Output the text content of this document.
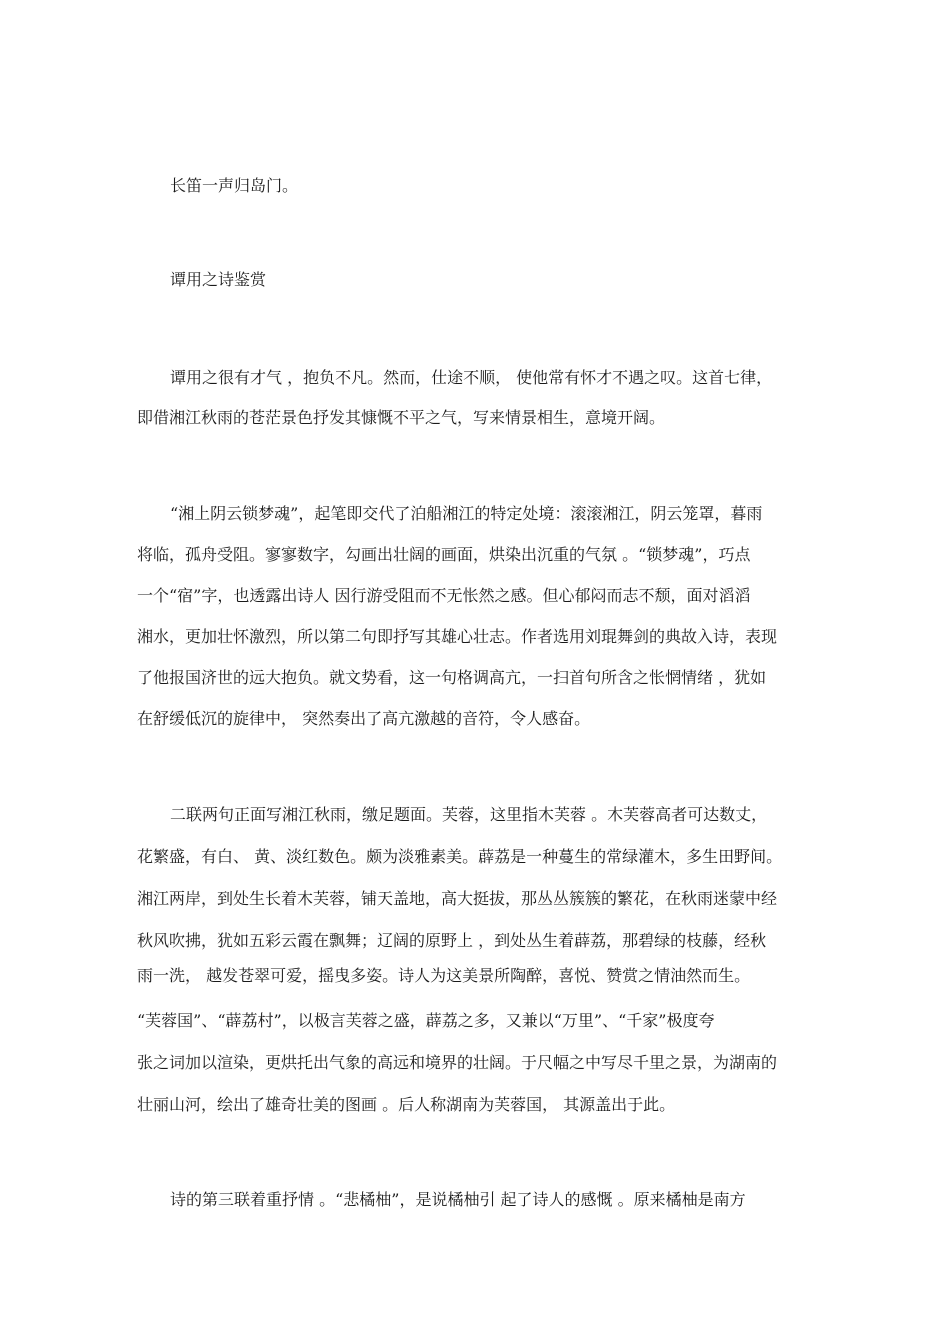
长笛一声归岛门。

谭用之诗鉴赏

谭用之很有才气 ，抱负不凡。然而，仕途不顺， 使他常有怀才不遇之叹。这首七律，

即借湘江秋雨的苍茫景色抒发其慷慨不平之气，写来情景相生，意境开阔。

“湘上阴云锁梦魂”，起笔即交代了泊船湘江的特定处境：滚滚湘江，阴云笼罩，暮雨

将临，孤舟受阻。寥寥数字，勾画出壮阔的画面，烘染出沉重的气氛 。“锁梦魂”，巧点

一个“宿”字，也透露出诗人 因行游受阻而不无怅然之感。但心郁闷而志不颓，面对滔滔

湘水，更加壮怀激烈，所以第二句即抒写其雄心壮志。作者选用刘琨舞剑的典故入诗，表现

了他报国济世的远大抱负。就文势看，这一句格调高亢，一扫首句所含之怅惘情绪 ，犹如

在舒缓低沉的旋律中， 突然奏出了高亢激越的音符，令人感奋。

二联两句正面写湘江秋雨，缴足题面。芙蓉，这里指木芙蓉 。木芙蓉高者可达数丈，

花繁盛，有白、 黄、淡红数色。颇为淡雅素美。薜荔是一种蔓生的常绿灌木，多生田野间。

湘江两岸，到处生长着木芙蓉，铺天盖地，高大挺拔，那丛丛簇簇的繁花，在秋雨迷蒙中经

秋风吹拂，犹如五彩云霞在飘舞；辽阔的原野上 ，到处丛生着薜荔，那碧绿的枝藤，经秋

雨一洗， 越发苍翠可爱，摇曳多姿。诗人为这美景所陶醉，喜悦、赞赏之情油然而生。

“芙蓉国”、“薜荔村”，以极言芙蓉之盛，薜荔之多，又兼以“万里”、“千家”极度夸

张之词加以渲染，更烘托出气象的高远和境界的壮阔。于尺幅之中写尽千里之景，为湖南的

壮丽山河，绘出了雄奇壮美的图画 。后人称湖南为芙蓉国， 其源盖出于此。

诗的第三联着重抒情 。“悲橘柚”，是说橘柚引 起了诗人的感慨 。原来橘柚是南方
